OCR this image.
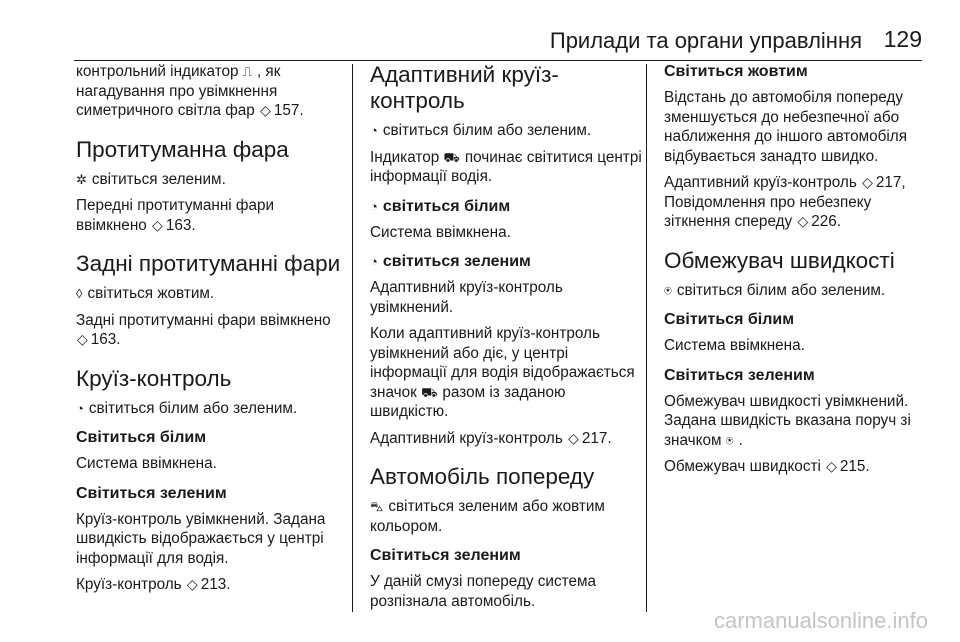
Прилади та органи управління 129

контрольний індикатор ⎍ , як нагадування про увімкнення симетричного світла фар ◇ 157.

Протитуманна фара

✲ світиться зеленим.

Передні протитуманні фари ввімкнено ◇ 163.

Задні протитуманні фари

◊ світиться жовтим.

Задні протитуманні фари ввімкнено ◇ 163.

Круїз-контроль

◔ світиться білим або зеленим.

Світиться білим

Система ввімкнена.

Світиться зеленим

Круїз-контроль увімкнений. Задана швидкість відображається у центрі інформації для водія.

Круїз-контроль ◇ 213.

Адаптивний круїз-контроль

◔ світиться білим або зеленим.

Індикатор ⛟ починає світитися центрі інформації водія.

◔ світиться білим

Система ввімкнена.

◔ світиться зеленим

Адаптивний круїз-контроль увімкнений.

Коли адаптивний круїз-контроль увімкнений або діє, у центрі інформації для водія відображається значок ⛟ разом із заданою швидкістю.

Адаптивний круїз-контроль ◇ 217.

Автомобіль попереду

⛍ світиться зеленим або жовтим кольором.

Світиться зеленим

У даній смузі попереду система розпізнала автомобіль.

Світиться жовтим

Відстань до автомобіля попереду зменшується до небезпечної або наближення до іншого автомобіля відбувається занадто швидко.

Адаптивний круїз-контроль ◇ 217, Повідомлення про небезпеку зіткнення спереду ◇ 226.

Обмежувач швидкості

⍟ світиться білим або зеленим.

Світиться білим

Система ввімкнена.

Світиться зеленим

Обмежувач швидкості увімкнений. Задана швидкість вказана поруч зі значком ⍟ .

Обмежувач швидкості ◇ 215.

carmanualsonline.info
